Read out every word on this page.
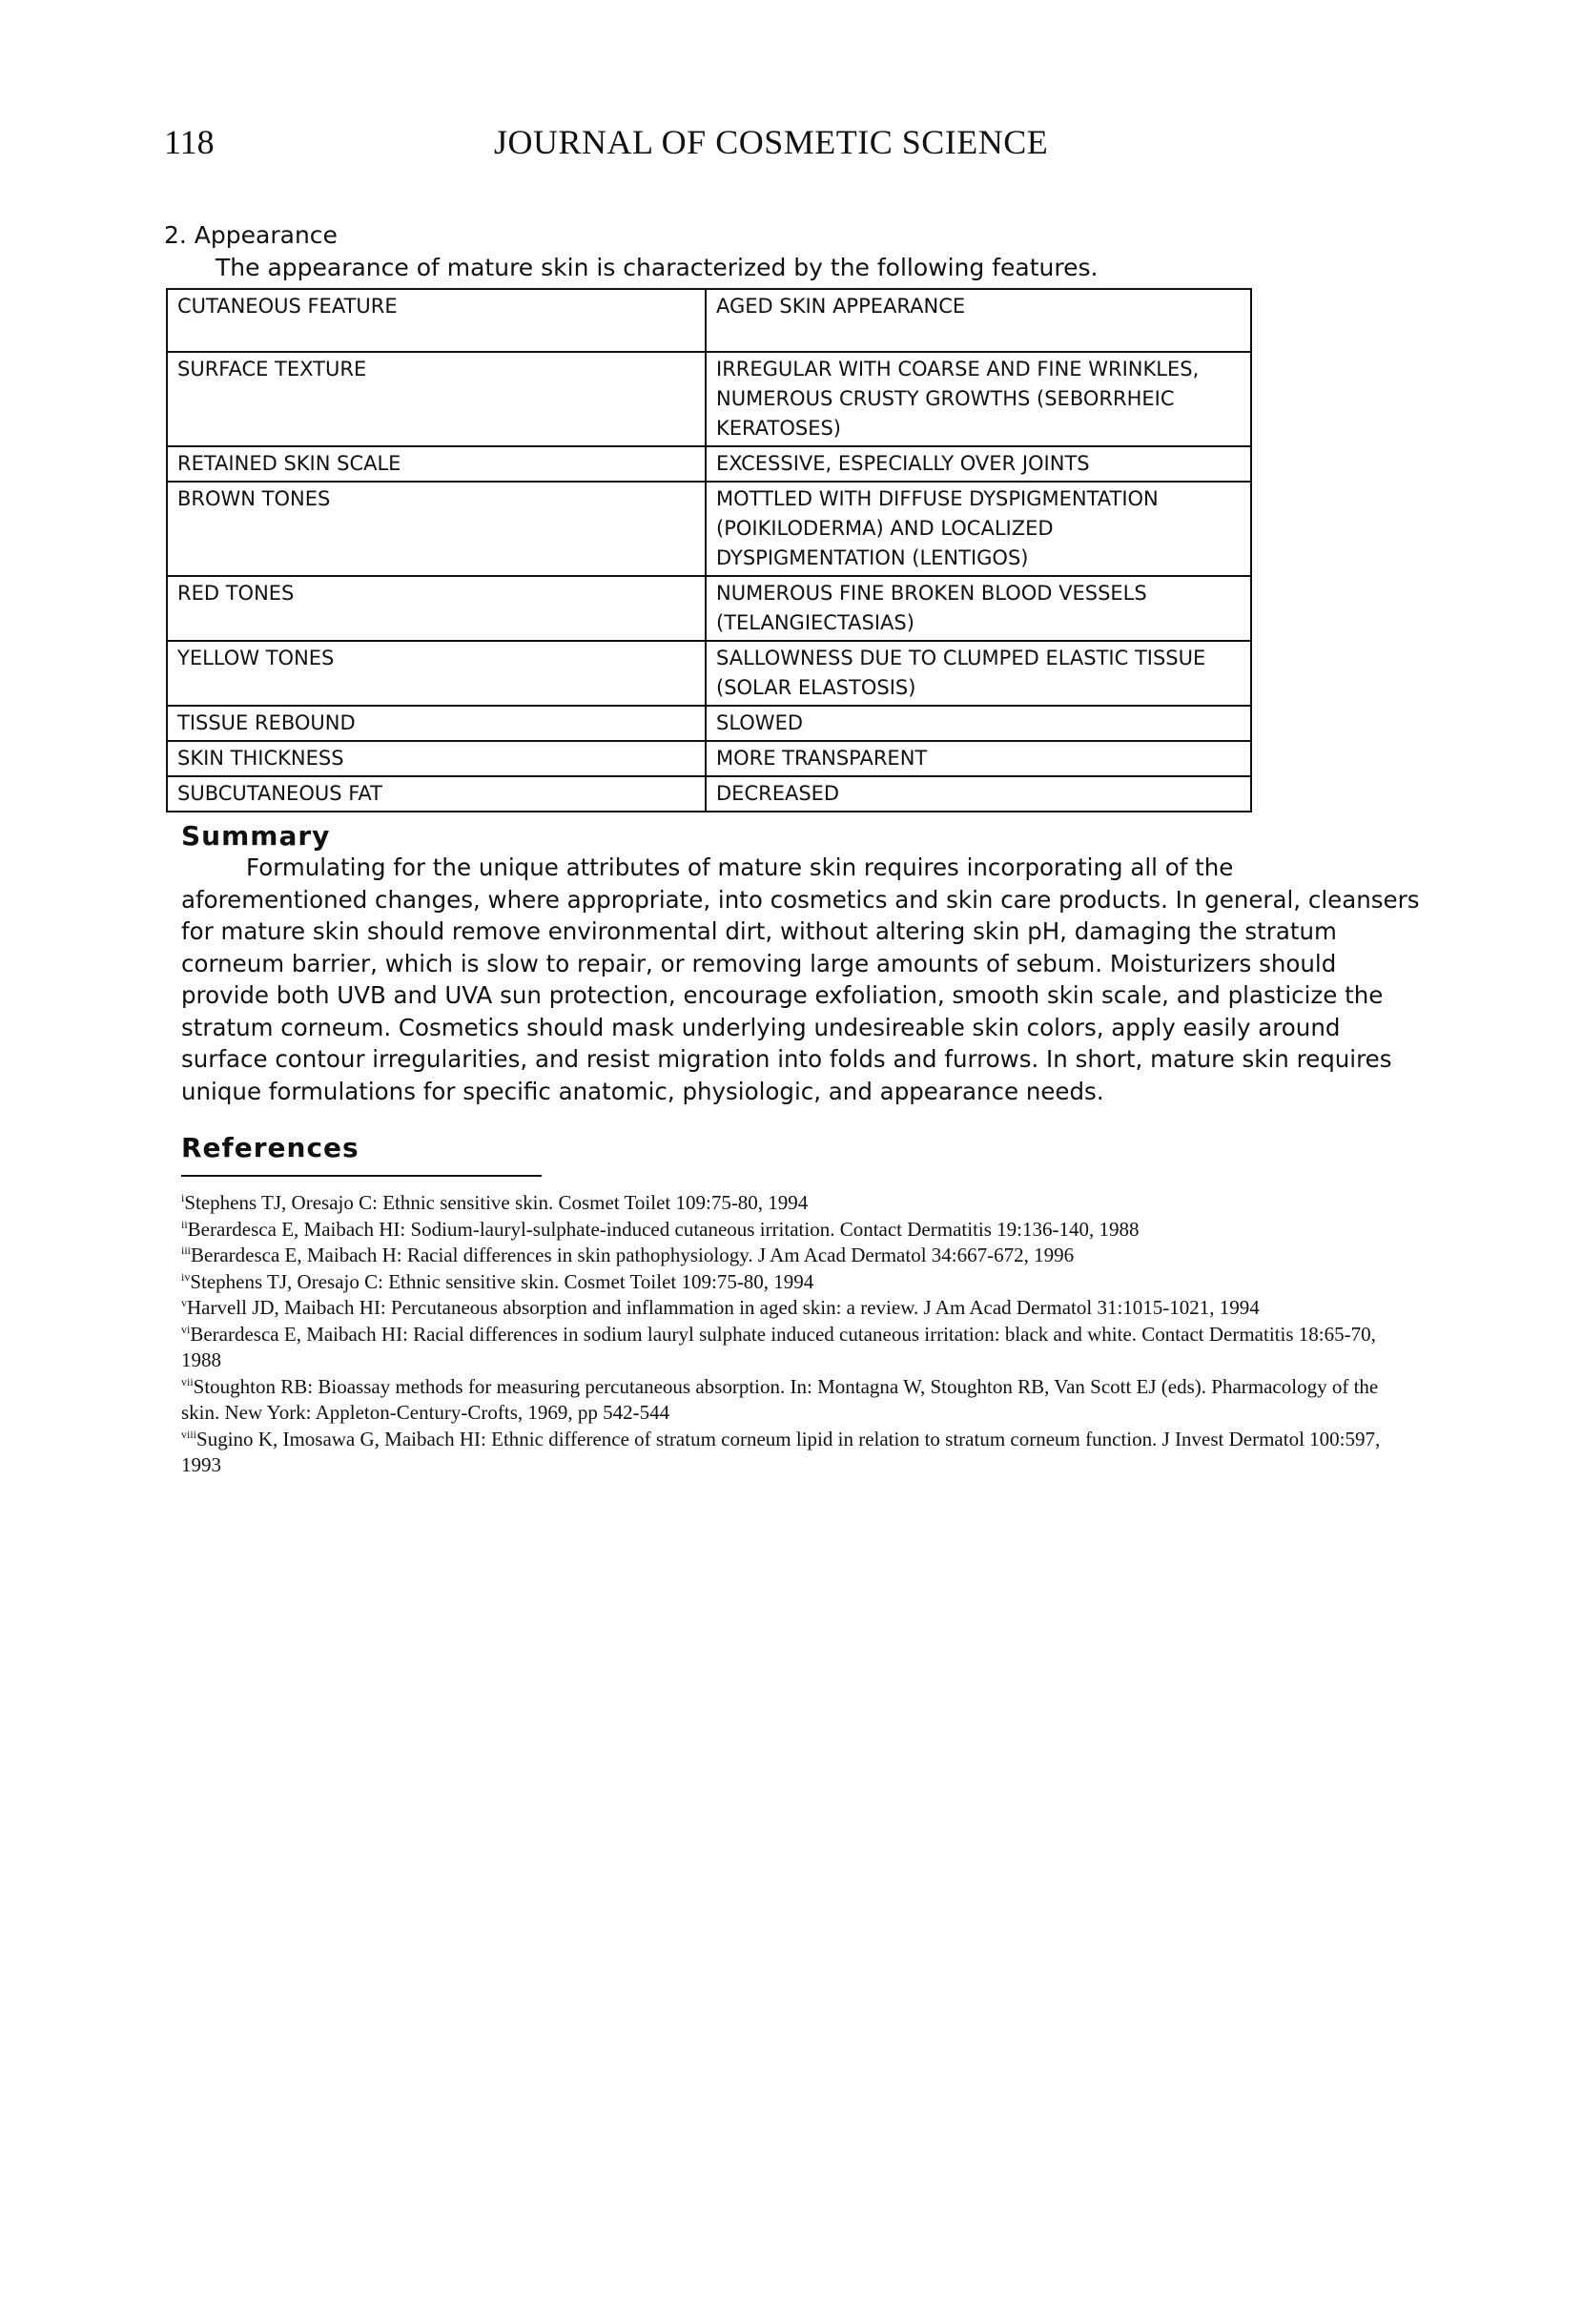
118	JOURNAL OF COSMETIC SCIENCE
2. Appearance
The appearance of mature skin is characterized by the following features.
CUTANEOUS FEATURE	AGED SKIN APPEARANCE
SURFACE TEXTURE	IRREGULAR WITH COARSE AND FINE WRINKLES, NUMEROUS CRUSTY GROWTHS (SEBORRHEIC KERATOSES)
RETAINED SKIN SCALE	EXCESSIVE, ESPECIALLY OVER JOINTS
BROWN TONES	MOTTLED WITH DIFFUSE DYSPIGMENTATION (POIKILODERMA) AND LOCALIZED DYSPIGMENTATION (LENTIGOS)
RED TONES	NUMEROUS FINE BROKEN BLOOD VESSELS (TELANGIECTASIAS)
YELLOW TONES	SALLOWNESS DUE TO CLUMPED ELASTIC TISSUE (SOLAR ELASTOSIS)
TISSUE REBOUND	SLOWED
SKIN THICKNESS	MORE TRANSPARENT
SUBCUTANEOUS FAT	DECREASED
Summary

Formulating for the unique attributes of mature skin requires incorporating all of the aforementioned changes, where appropriate, into cosmetics and skin care products. In general, cleansers for mature skin should remove environmental dirt, without altering skin pH, damaging the stratum corneum barrier, which is slow to repair, or removing large amounts of sebum. Moisturizers should provide both UVB and UVA sun protection, encourage exfoliation, smooth skin scale, and plasticize the stratum corneum. Cosmetics should mask underlying undesireable skin colors, apply easily around surface contour irregularities, and resist migration into folds and furrows. In short, mature skin requires unique formulations for specific anatomic, physiologic, and appearance needs.

References

$^i$Stephens TJ, Oresajo C: Ethnic sensitive skin. Cosmet Toilet 109:75-80, 1994

$^{ii}$Berardesca E, Maibach HI: Sodium-lauryl-sulphate-induced cutaneous irritation. Contact Dermatitis 19:136-140, 1988

$^{iii}$Berardesca E, Maibach H: Racial differences in skin pathophysiology. J Am Acad Dermatol 34:667-672, 1996

$^{iv}$Stephens TJ, Oresajo C: Ethnic sensitive skin. Cosmet Toilet 109:75-80, 1994

$^v$Harvell JD, Maibach HI: Percutaneous absorption and inflammation in aged skin: a review. J Am Acad Dermatol 31:1015-1021, 1994

$^{vi}$Berardesca E, Maibach HI: Racial differences in sodium lauryl sulphate induced cutaneous irritation: black and white. Contact Dermatitis 18:65-70, 1988

$^{vii}$Stoughton RB: Bioassay methods for measuring percutaneous absorption. In: Montagna W, Stoughton RB, Van Scott EJ (eds). Pharmacology of the skin. New York: Appleton-Century-Crofts, 1969, pp 542-544

$^{viii}$Sugino K, Imosawa G, Maibach HI: Ethnic difference of stratum corneum lipid in relation to stratum corneum function. J Invest Dermatol 100:597, 1993
